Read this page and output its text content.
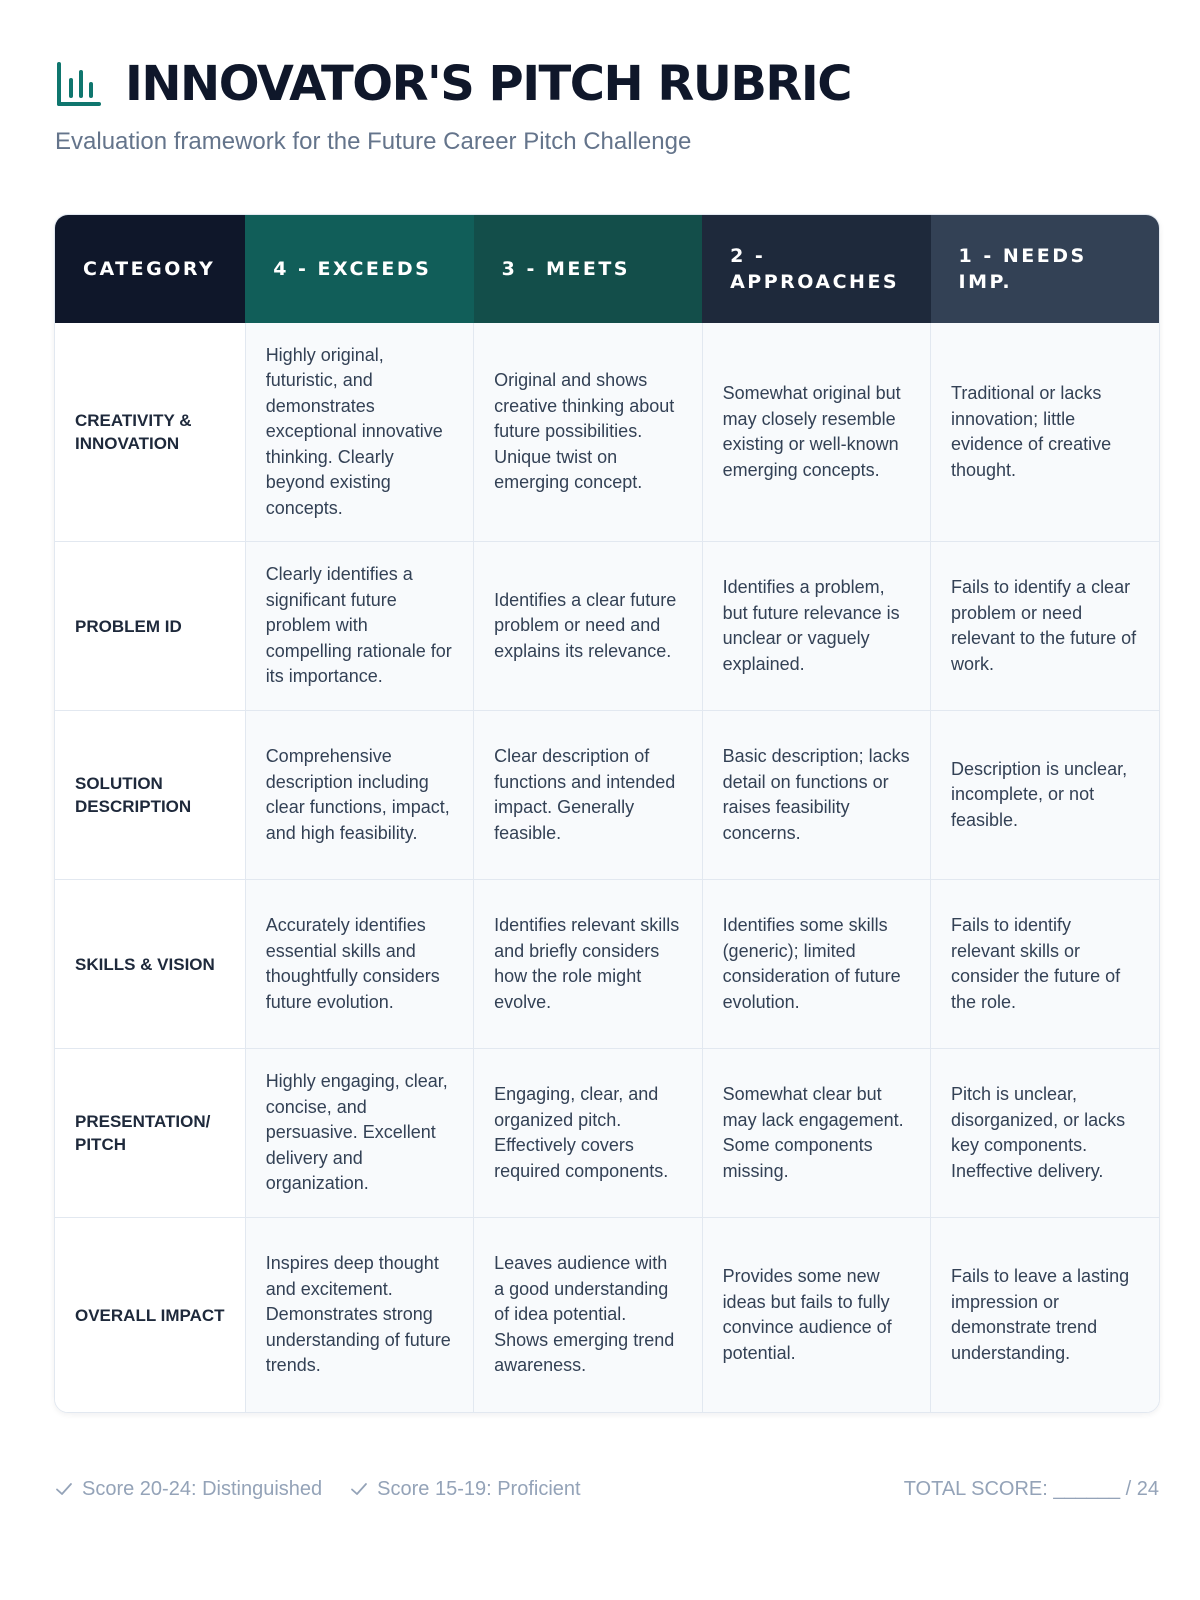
INNOVATOR'S PITCH RUBRIC
Evaluation framework for the Future Career Pitch Challenge
CATEGORY	4 - EXCEEDS	3 - MEETS	2 - APPROACHES	1 - NEEDS IMP.
CREATIVITY & INNOVATION	Highly original, futuristic, and demonstrates exceptional innovative thinking. Clearly beyond existing concepts.	Original and shows creative thinking about future possibilities. Unique twist on emerging concept.	Somewhat original but may closely resemble existing or well-known emerging concepts.	Traditional or lacks innovation; little evidence of creative thought.
PROBLEM ID	Clearly identifies a significant future problem with compelling rationale for its importance.	Identifies a clear future problem or need and explains its relevance.	Identifies a problem, but future relevance is unclear or vaguely explained.	Fails to identify a clear problem or need relevant to the future of work.
SOLUTION DESCRIPTION	Comprehensive description including clear functions, impact, and high feasibility.	Clear description of functions and intended impact. Generally feasible.	Basic description; lacks detail on functions or raises feasibility concerns.	Description is unclear, incomplete, or not feasible.
SKILLS & VISION	Accurately identifies essential skills and thoughtfully considers future evolution.	Identifies relevant skills and briefly considers how the role might evolve.	Identifies some skills (generic); limited consideration of future evolution.	Fails to identify relevant skills or consider the future of the role.
PRESENTATION/ PITCH	Highly engaging, clear, concise, and persuasive. Excellent delivery and organization.	Engaging, clear, and organized pitch. Effectively covers required components.	Somewhat clear but may lack engagement. Some components missing.	Pitch is unclear, disorganized, or lacks key components. Ineffective delivery.
OVERALL IMPACT	Inspires deep thought and excitement. Demonstrates strong understanding of future trends.	Leaves audience with a good understanding of idea potential. Shows emerging trend awareness.	Provides some new ideas but fails to fully convince audience of potential.	Fails to leave a lasting impression or demonstrate trend understanding.
Score 20-24: Distinguished	Score 15-19: Proficient	TOTAL SCORE: ______ / 24
